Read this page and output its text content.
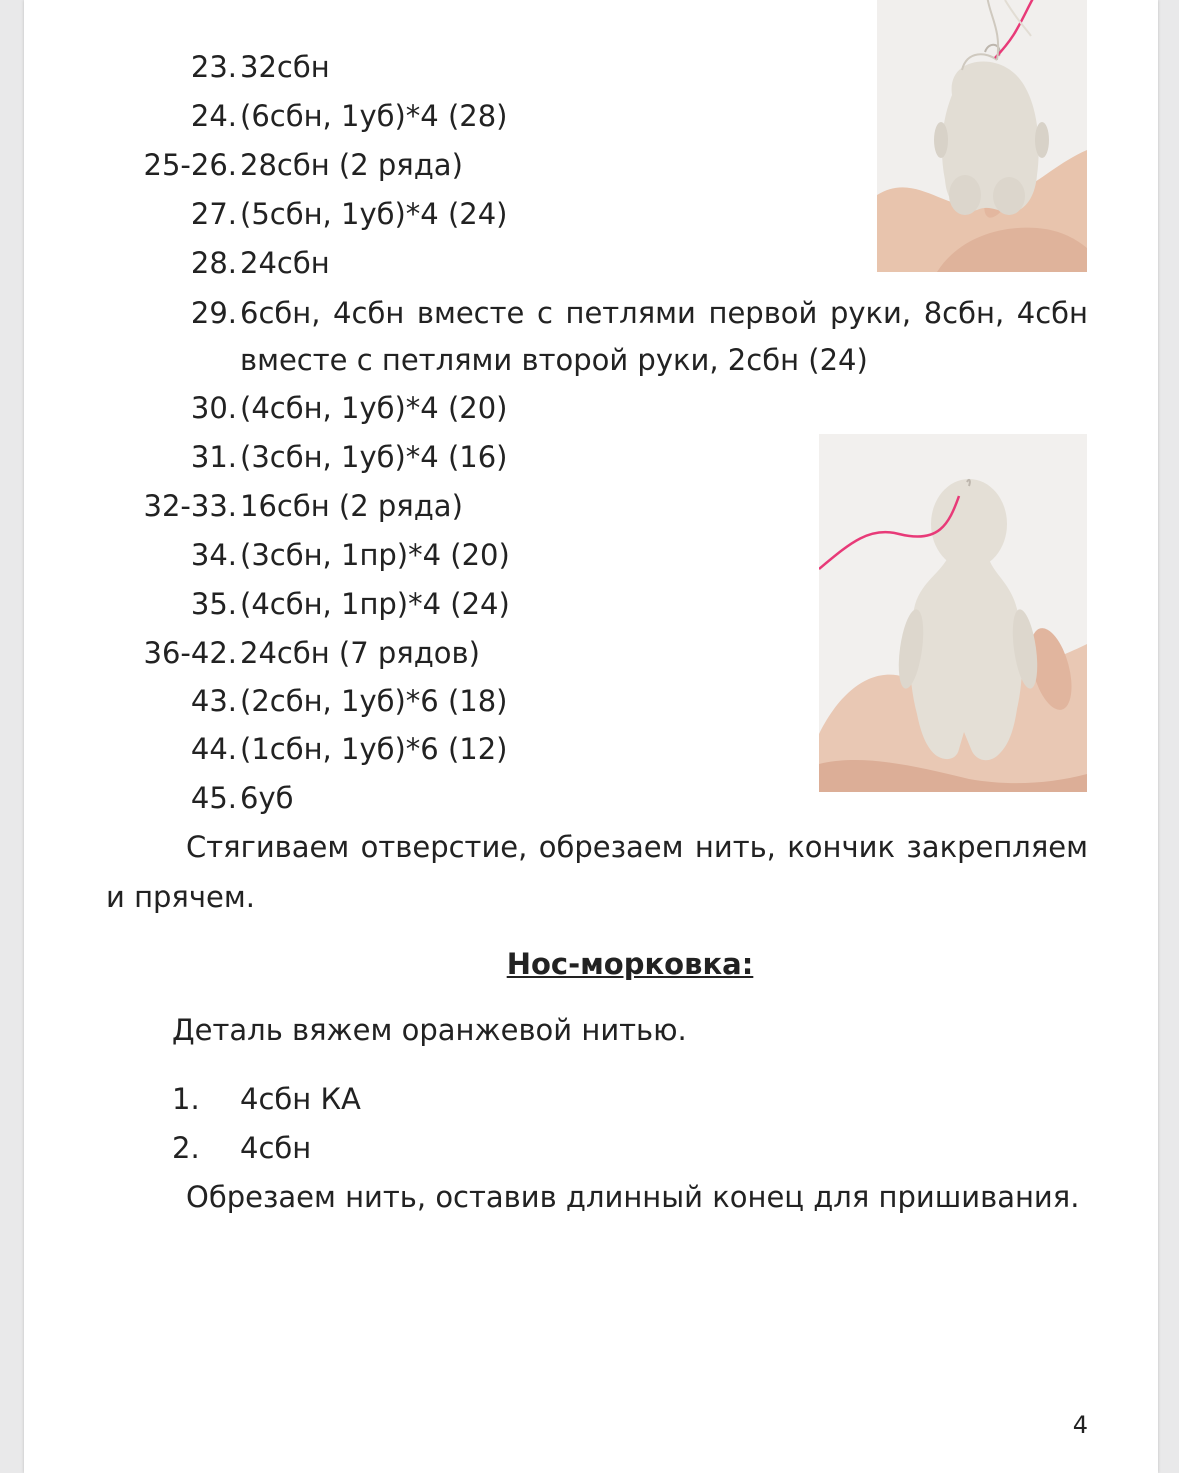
23. 32сбн
24. (6сбн, 1уб)*4 (28)
25-26. 28сбн (2 ряда)
27. (5сбн, 1уб)*4 (24)
28. 24сбн
29. 6сбн, 4сбн вместе с петлями первой руки, 8сбн, 4сбн
вместе с петлями второй руки, 2сбн (24)
30. (4сбн, 1уб)*4 (20)
31. (3сбн, 1уб)*4 (16)
32-33. 16сбн (2 ряда)
34. (3сбн, 1пр)*4 (20)
35. (4сбн, 1пр)*4 (24)
36-42. 24сбн (7 рядов)
43. (2сбн, 1уб)*6 (18)
44. (1сбн, 1уб)*6 (12)
45. 6уб
Стягиваем отверстие, обрезаем нить, кончик закрепляем и прячем.
Нос-морковка:
Деталь вяжем оранжевой нитью.
1. 4сбн КА
2. 4сбн
Обрезаем нить, оставив длинный конец для пришивания.
4
